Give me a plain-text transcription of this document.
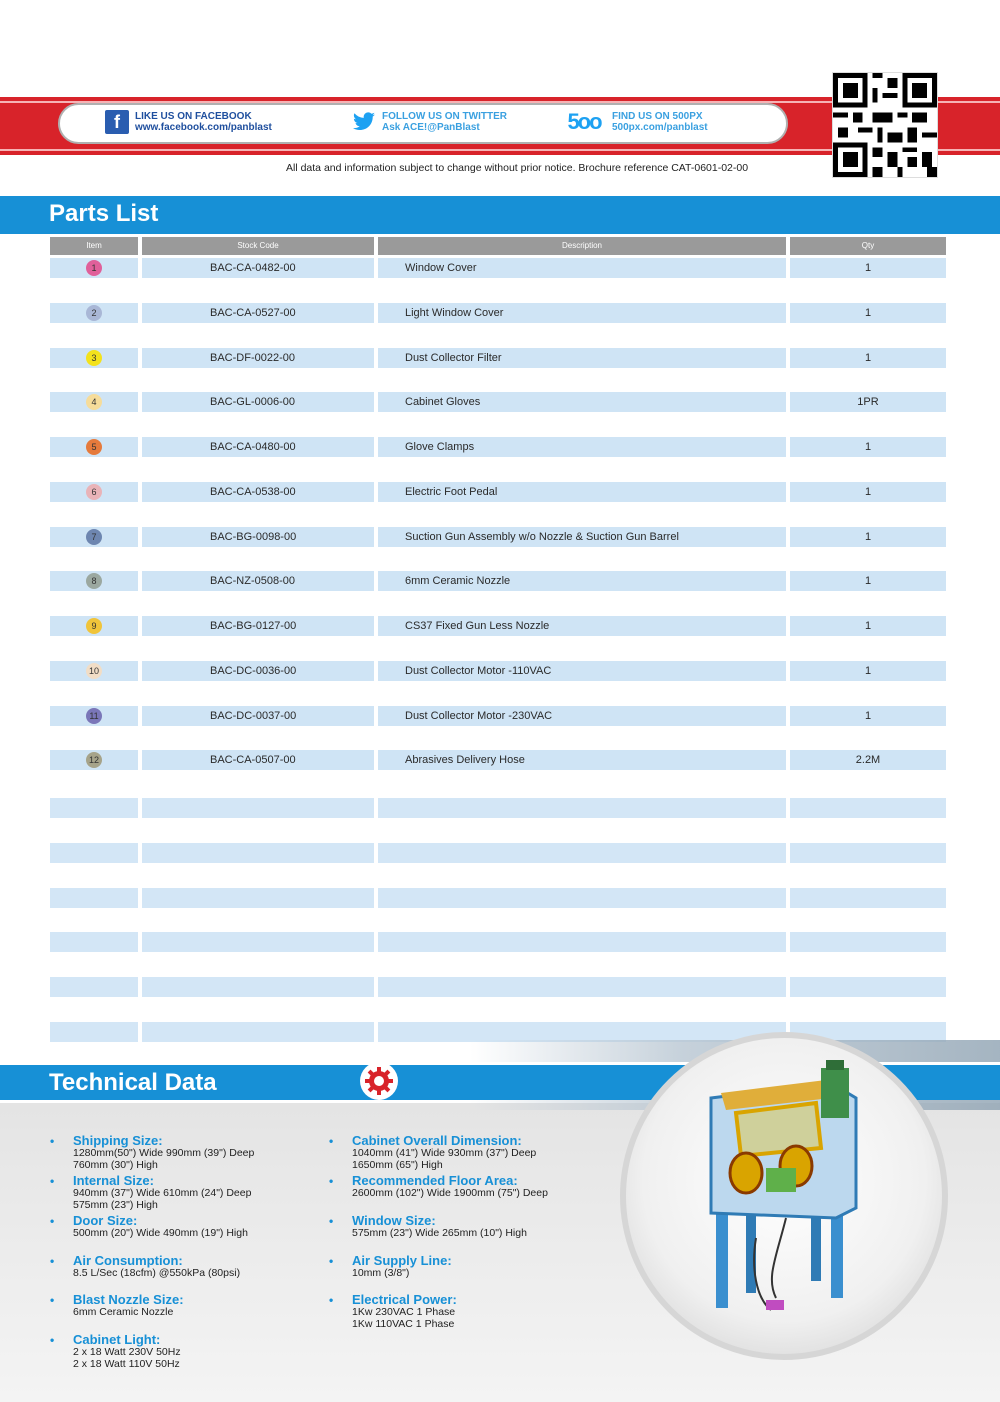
f	LIKE US ON FACEBOOK
www.facebook.com/panblast
FOLLOW US ON TWITTER
Ask ACE!@PanBlast	5oo	FIND US ON 500PX
500px.com/panblast
All data and information subject to change without prior notice. Brochure reference CAT-0601-02-00
Parts List
Item	Stock Code	Description	Qty
1	BAC-CA-0482-00	Window Cover	1
2	BAC-CA-0527-00	Light Window Cover	1
3	BAC-DF-0022-00	Dust Collector Filter	1
4	BAC-GL-0006-00	Cabinet Gloves	1PR
5	BAC-CA-0480-00	Glove Clamps	1
6	BAC-CA-0538-00	Electric Foot Pedal	1
7	BAC-BG-0098-00	Suction Gun Assembly w/o Nozzle & Suction Gun Barrel	1
8	BAC-NZ-0508-00	6mm Ceramic Nozzle	1
9	BAC-BG-0127-00	CS37 Fixed Gun Less Nozzle	1
10	BAC-DC-0036-00	Dust Collector Motor -110VAC	1
11	BAC-DC-0037-00	Dust Collector Motor -230VAC	1
12	BAC-CA-0507-00	Abrasives Delivery Hose	2.2M
Technical Data
• Shipping Size:
1280mm(50") Wide 990mm (39") Deep
760mm (30") High
• Internal Size:
940mm (37") Wide 610mm (24") Deep
575mm (23") High
• Door Size:
500mm (20") Wide 490mm (19") High
• Air Consumption:
8.5 L/Sec (18cfm) @550kPa (80psi)
• Blast Nozzle Size:
6mm Ceramic Nozzle
• Cabinet Light:
2 x 18 Watt 230V 50Hz
2 x 18 Watt 110V 50Hz
• Cabinet Overall Dimension:
1040mm (41") Wide 930mm (37") Deep
1650mm (65") High
• Recommended Floor Area:
2600mm (102") Wide 1900mm (75") Deep
• Window Size:
575mm (23") Wide 265mm (10") High
• Air Supply Line:
10mm (3/8")
• Electrical Power:
1Kw 230VAC 1 Phase
1Kw 110VAC 1 Phase
